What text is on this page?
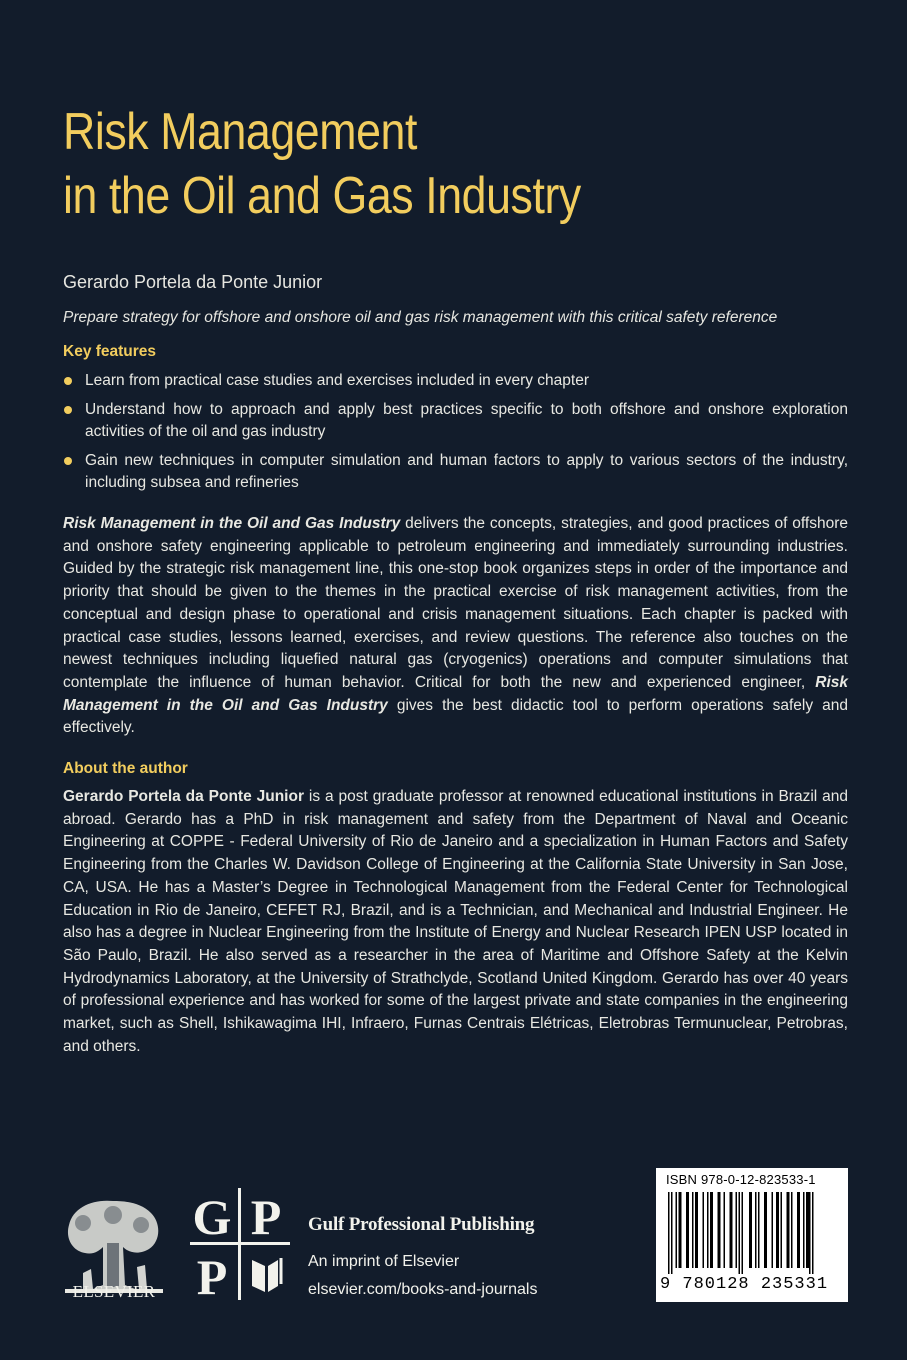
Risk Management
in the Oil and Gas Industry
Gerardo Portela da Ponte Junior
Prepare strategy for offshore and onshore oil and gas risk management with this critical safety reference
Key features
Learn from practical case studies and exercises included in every chapter
Understand how to approach and apply best practices specific to both offshore and onshore exploration activities of the oil and gas industry
Gain new techniques in computer simulation and human factors to apply to various sectors of the industry, including subsea and refineries

Risk Management in the Oil and Gas Industry delivers the concepts, strategies, and good practices of offshore and onshore safety engineering applicable to petroleum engineering and immediately surrounding industries. Guided by the strategic risk management line, this one-stop book organizes steps in order of the importance and priority that should be given to the themes in the practical exercise of risk management activities, from the conceptual and design phase to operational and crisis management situations. Each chapter is packed with practical case studies, lessons learned, exercises, and review questions. The reference also touches on the newest techniques including liquefied natural gas (cryogenics) operations and computer simulations that contemplate the influence of human behavior. Critical for both the new and experienced engineer, Risk Management in the Oil and Gas Industry gives the best didactic tool to perform operations safely and effectively.

About the author

Gerardo Portela da Ponte Junior is a post graduate professor at renowned educational institutions in Brazil and abroad. Gerardo has a PhD in risk management and safety from the Department of Naval and Oceanic Engineering at COPPE - Federal University of Rio de Janeiro and a specialization in Human Factors and Safety Engineering from the Charles W. Davidson College of Engineering at the California State University in San Jose, CA, USA. He has a Master’s Degree in Technological Management from the Federal Center for Technological Education in Rio de Janeiro, CEFET RJ, Brazil, and is a Technician, and Mechanical and Industrial Engineer. He also has a degree in Nuclear Engineering from the Institute of Energy and Nuclear Research IPEN USP located in São Paulo, Brazil. He also served as a researcher in the area of Maritime and Offshore Safety at the Kelvin Hydrodynamics Laboratory, at the University of Strathclyde, Scotland United Kingdom. Gerardo has over 40 years of professional experience and has worked for some of the largest private and state companies in the engineering market, such as Shell, Ishikawagima IHI, Infraero, Furnas Centrais Elétricas, Eletrobras Termunuclear, Petrobras, and others.

ELSEVIER
G P
P
Gulf Professional Publishing
An imprint of Elsevier
elsevier.com/books-and-journals
ISBN 978-0-12-823533-1
9 780128 235331
